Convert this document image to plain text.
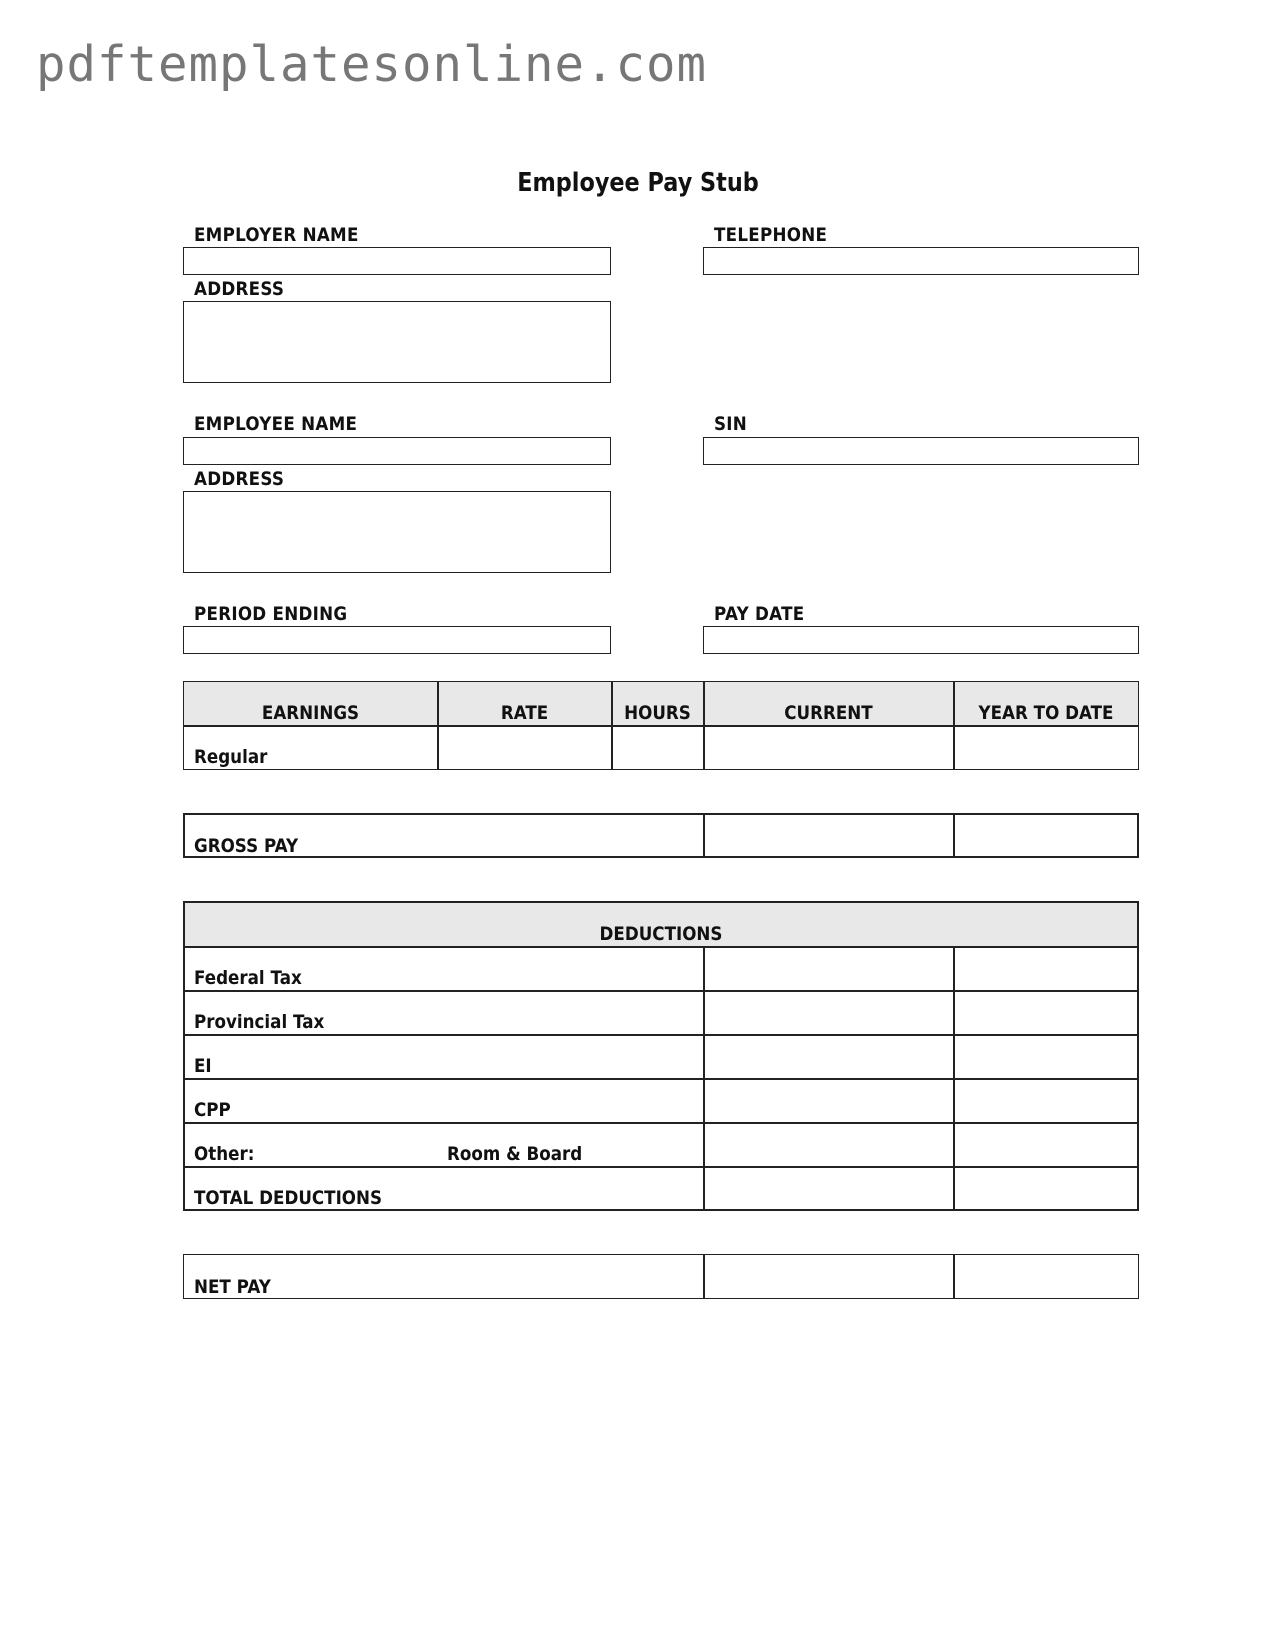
pdftemplatesonline.com
Employee Pay Stub
EMPLOYER NAME	TELEPHONE
ADDRESS
EMPLOYEE NAME	SIN
ADDRESS
PERIOD ENDING	PAY DATE
EARNINGS	RATE	HOURS	CURRENT	YEAR TO DATE
Regular
GROSS PAY
DEDUCTIONS
Federal Tax
Provincial Tax
EI
CPP
Other:	Room & Board
TOTAL DEDUCTIONS
NET PAY
